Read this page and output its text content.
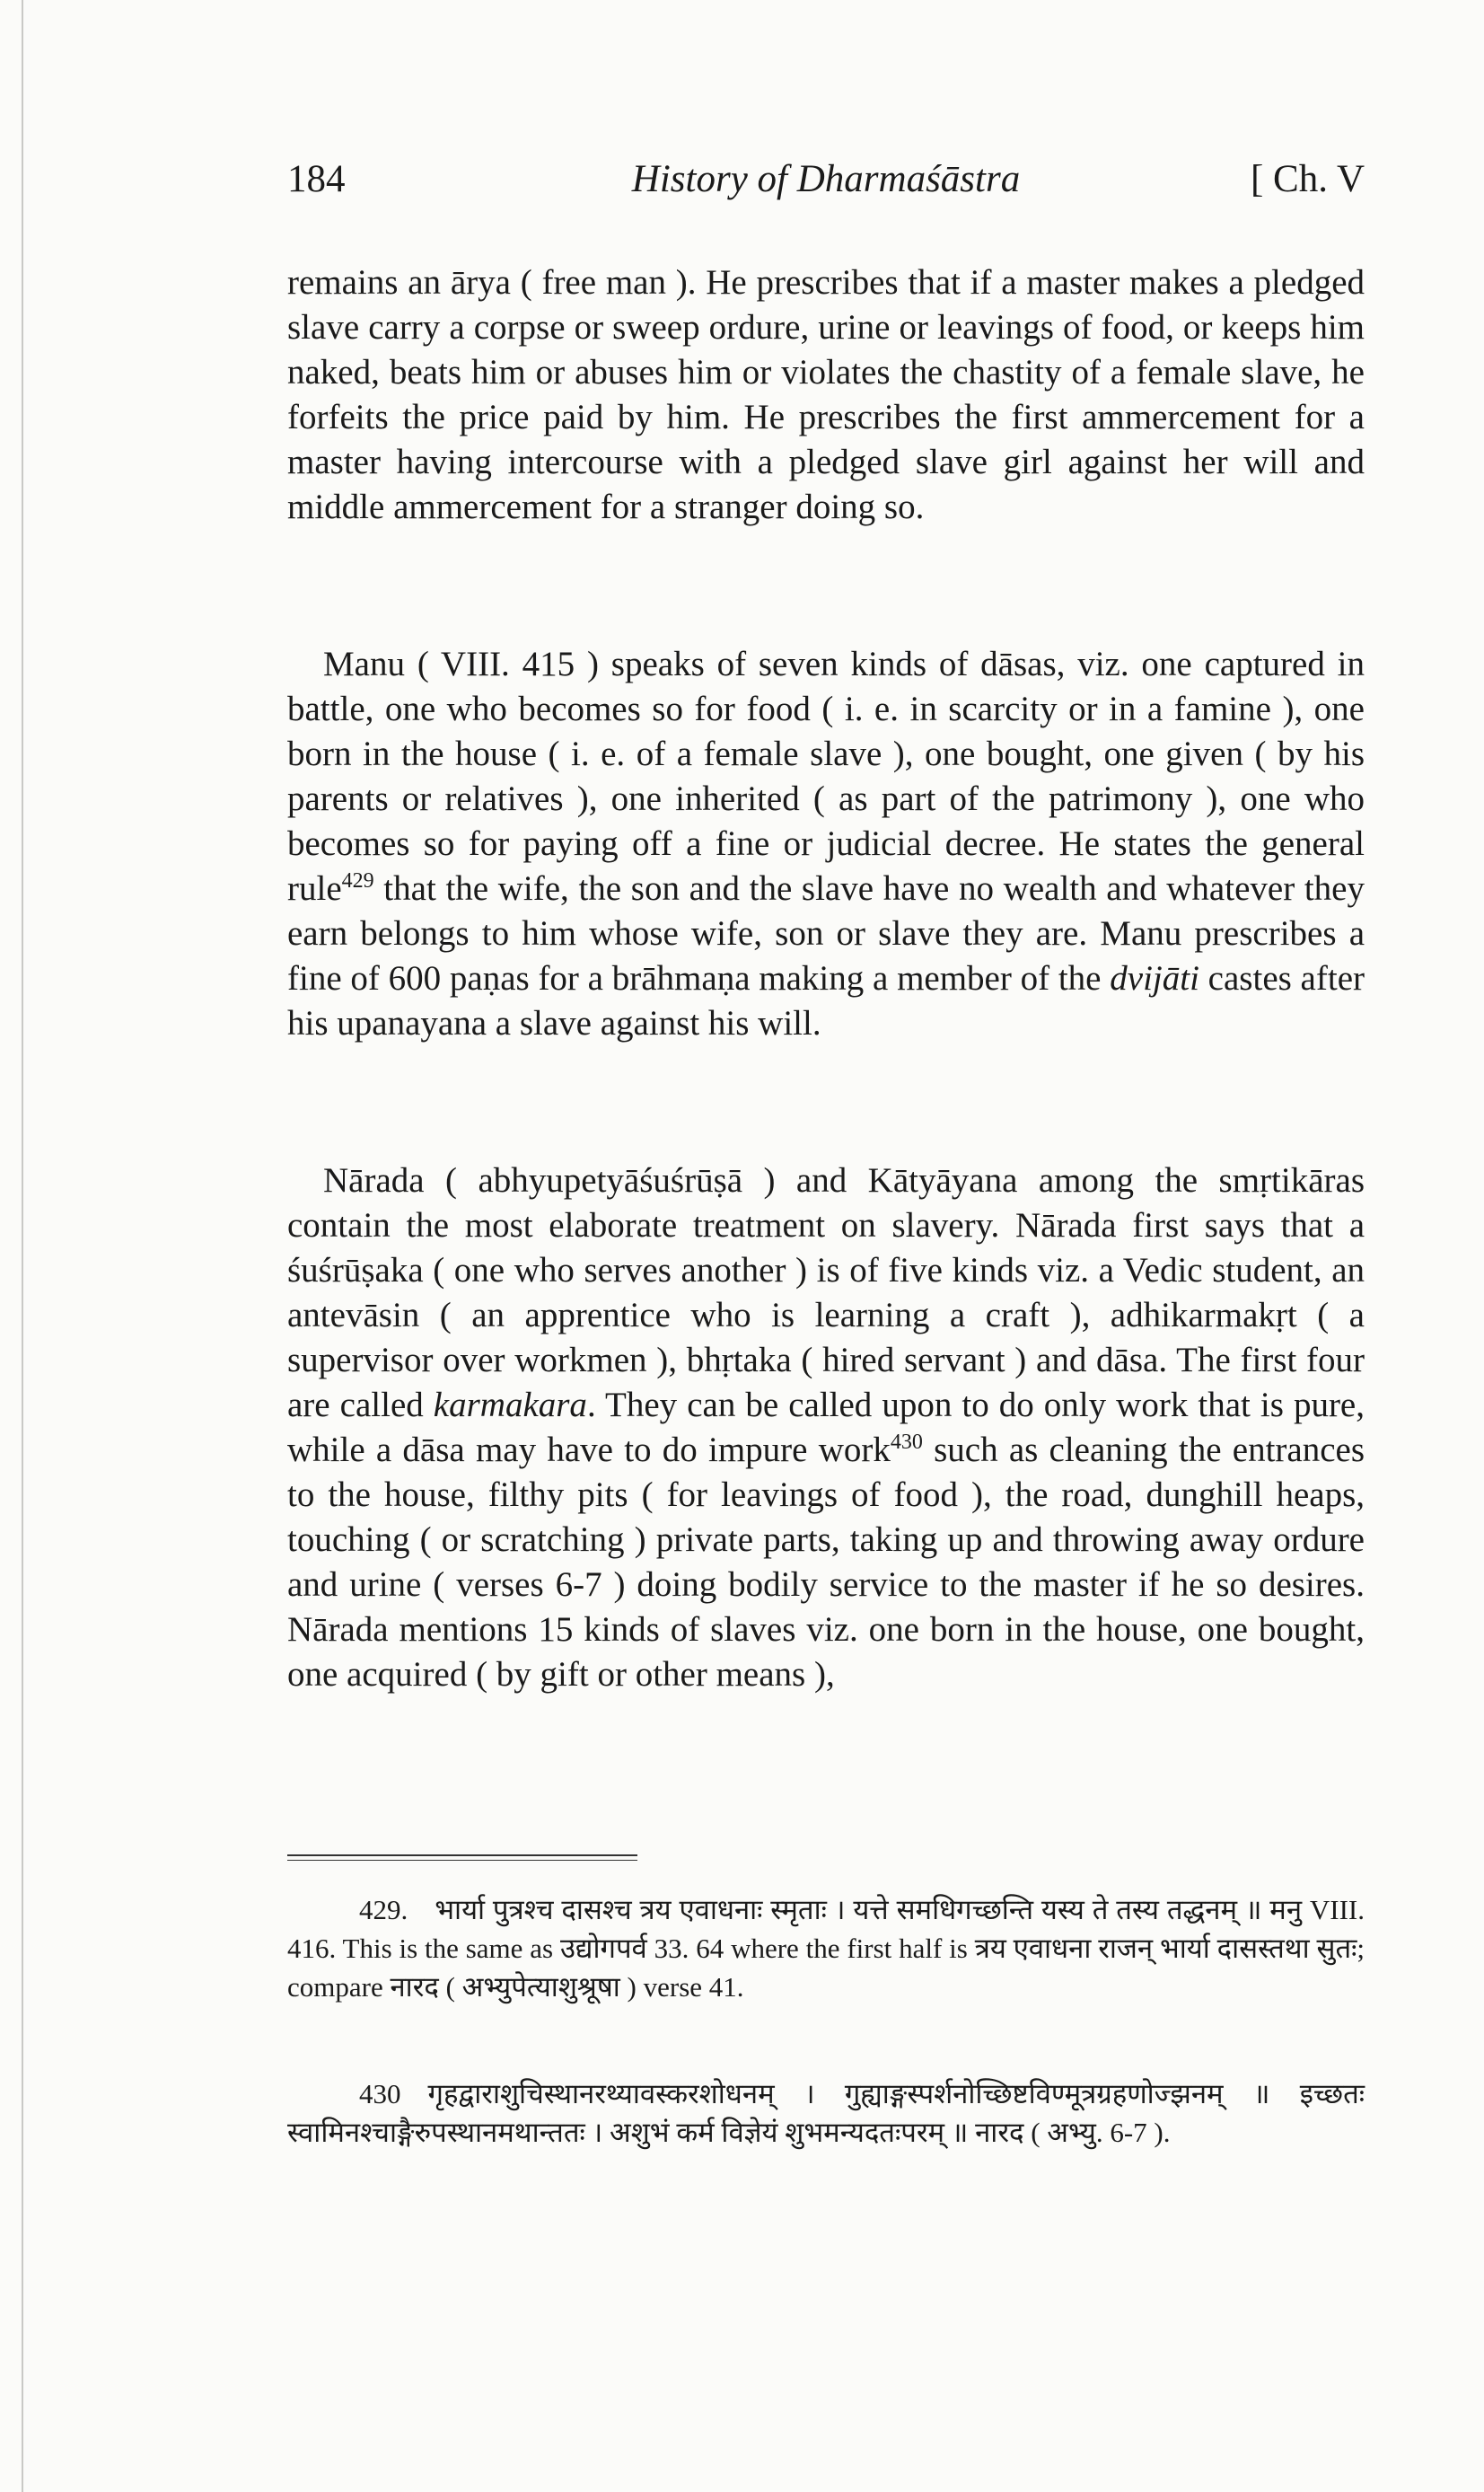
184	History of Dharmaśāstra	[ Ch. V

remains an ārya ( free man ). He prescribes that if a master makes a pledged slave carry a corpse or sweep ordure, urine or leavings of food, or keeps him naked, beats him or abuses him or violates the chastity of a female slave, he forfeits the price paid by him. He prescribes the first ammercement for a master having intercourse with a pledged slave girl against her will and middle ammercement for a stranger doing so.

Manu ( VIII. 415 ) speaks of seven kinds of dāsas, viz. one captured in battle, one who becomes so for food ( i. e. in scarcity or in a famine ), one born in the house ( i. e. of a female slave ), one bought, one given ( by his parents or relatives ), one inherited ( as part of the patrimony ), one who becomes so for paying off a fine or judicial decree. He states the general rule$^{429}$ that the wife, the son and the slave have no wealth and whatever they earn belongs to him whose wife, son or slave they are. Manu prescribes a fine of 600 paṇas for a brāhmaṇa making a member of the dvijāti castes after his upanayana a slave against his will.

Nārada ( abhyupetyāśuśrūṣā ) and Kātyāyana among the smṛtikāras contain the most elaborate treatment on slavery. Nārada first says that a śuśrūṣaka ( one who serves another ) is of five kinds viz. a Vedic student, an antevāsin ( an apprentice who is learning a craft ), adhikarmakṛt ( a supervisor over workmen ), bhṛtaka ( hired servant ) and dāsa. The first four are called karmakara. They can be called upon to do only work that is pure, while a dāsa may have to do impure work$^{430}$ such as cleaning the entrances to the house, filthy pits ( for leavings of food ), the road, dunghill heaps, touching ( or scratching ) private parts, taking up and throwing away ordure and urine ( verses 6-7 ) doing bodily service to the master if he so desires. Nārada mentions 15 kinds of slaves viz. one born in the house, one bought, one acquired ( by gift or other means ),

429. भार्या पुत्रश्च दासश्च त्रय एवाधनाः स्मृताः । यत्ते समधिगच्छन्ति यस्य ते तस्य तद्धनम् ॥ मनु VIII. 416. This is the same as उद्योगपर्व 33. 64 where the first half is त्रय एवाधना राजन् भार्या दासस्तथा सुतः; compare नारद ( अभ्युपेत्याशुश्रूषा ) verse 41.
430 गृहद्वाराशुचिस्थानरथ्यावस्करशोधनम् । गुह्याङ्गस्पर्शनोच्छिष्टविण्मूत्रग्रहणोज्झनम् ॥ इच्छतः स्वामिनश्चाङ्गैरुपस्थानमथान्ततः । अशुभं कर्म विज्ञेयं शुभमन्यदतःपरम् ॥ नारद ( अभ्यु. 6-7 ).
